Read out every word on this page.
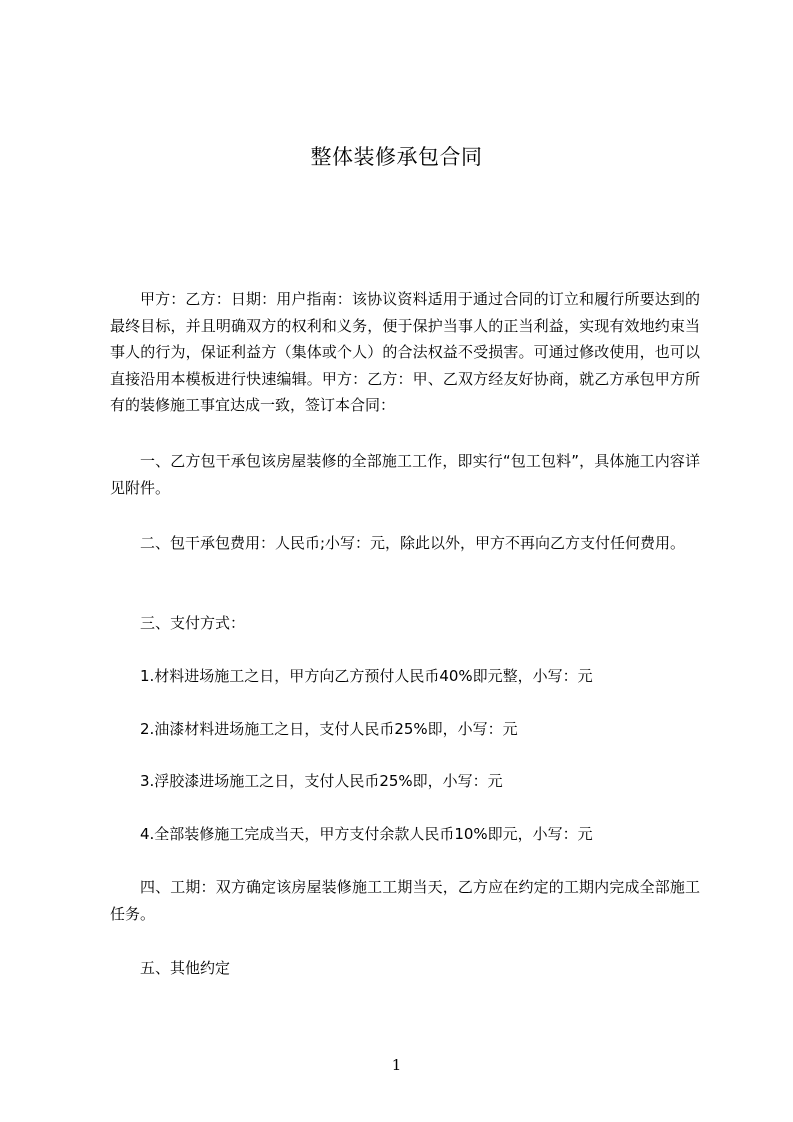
整体装修承包合同

甲方：乙方：日期：用户指南：该协议资料适用于通过合同的订立和履行所要达到的最终目标，并且明确双方的权利和义务，便于保护当事人的正当利益，实现有效地约束当事人的行为，保证利益方（集体或个人）的合法权益不受损害。可通过修改使用，也可以直接沿用本模板进行快速编辑。甲方：乙方：甲、乙双方经友好协商，就乙方承包甲方所有的装修施工事宜达成一致，签订本合同：

一、乙方包干承包该房屋装修的全部施工工作，即实行“包工包料”，具体施工内容详见附件。

二、包干承包费用：人民币;小写：元，除此以外，甲方不再向乙方支付任何费用。

三、支付方式：

1.材料进场施工之日，甲方向乙方预付人民币40%即元整，小写：元

2.油漆材料进场施工之日，支付人民币25%即，小写：元

3.浮胶漆进场施工之日，支付人民币25%即，小写：元

4.全部装修施工完成当天，甲方支付余款人民币10%即元，小写：元

四、工期：双方确定该房屋装修施工工期当天，乙方应在约定的工期内完成全部施工任务。

五、其他约定

1
